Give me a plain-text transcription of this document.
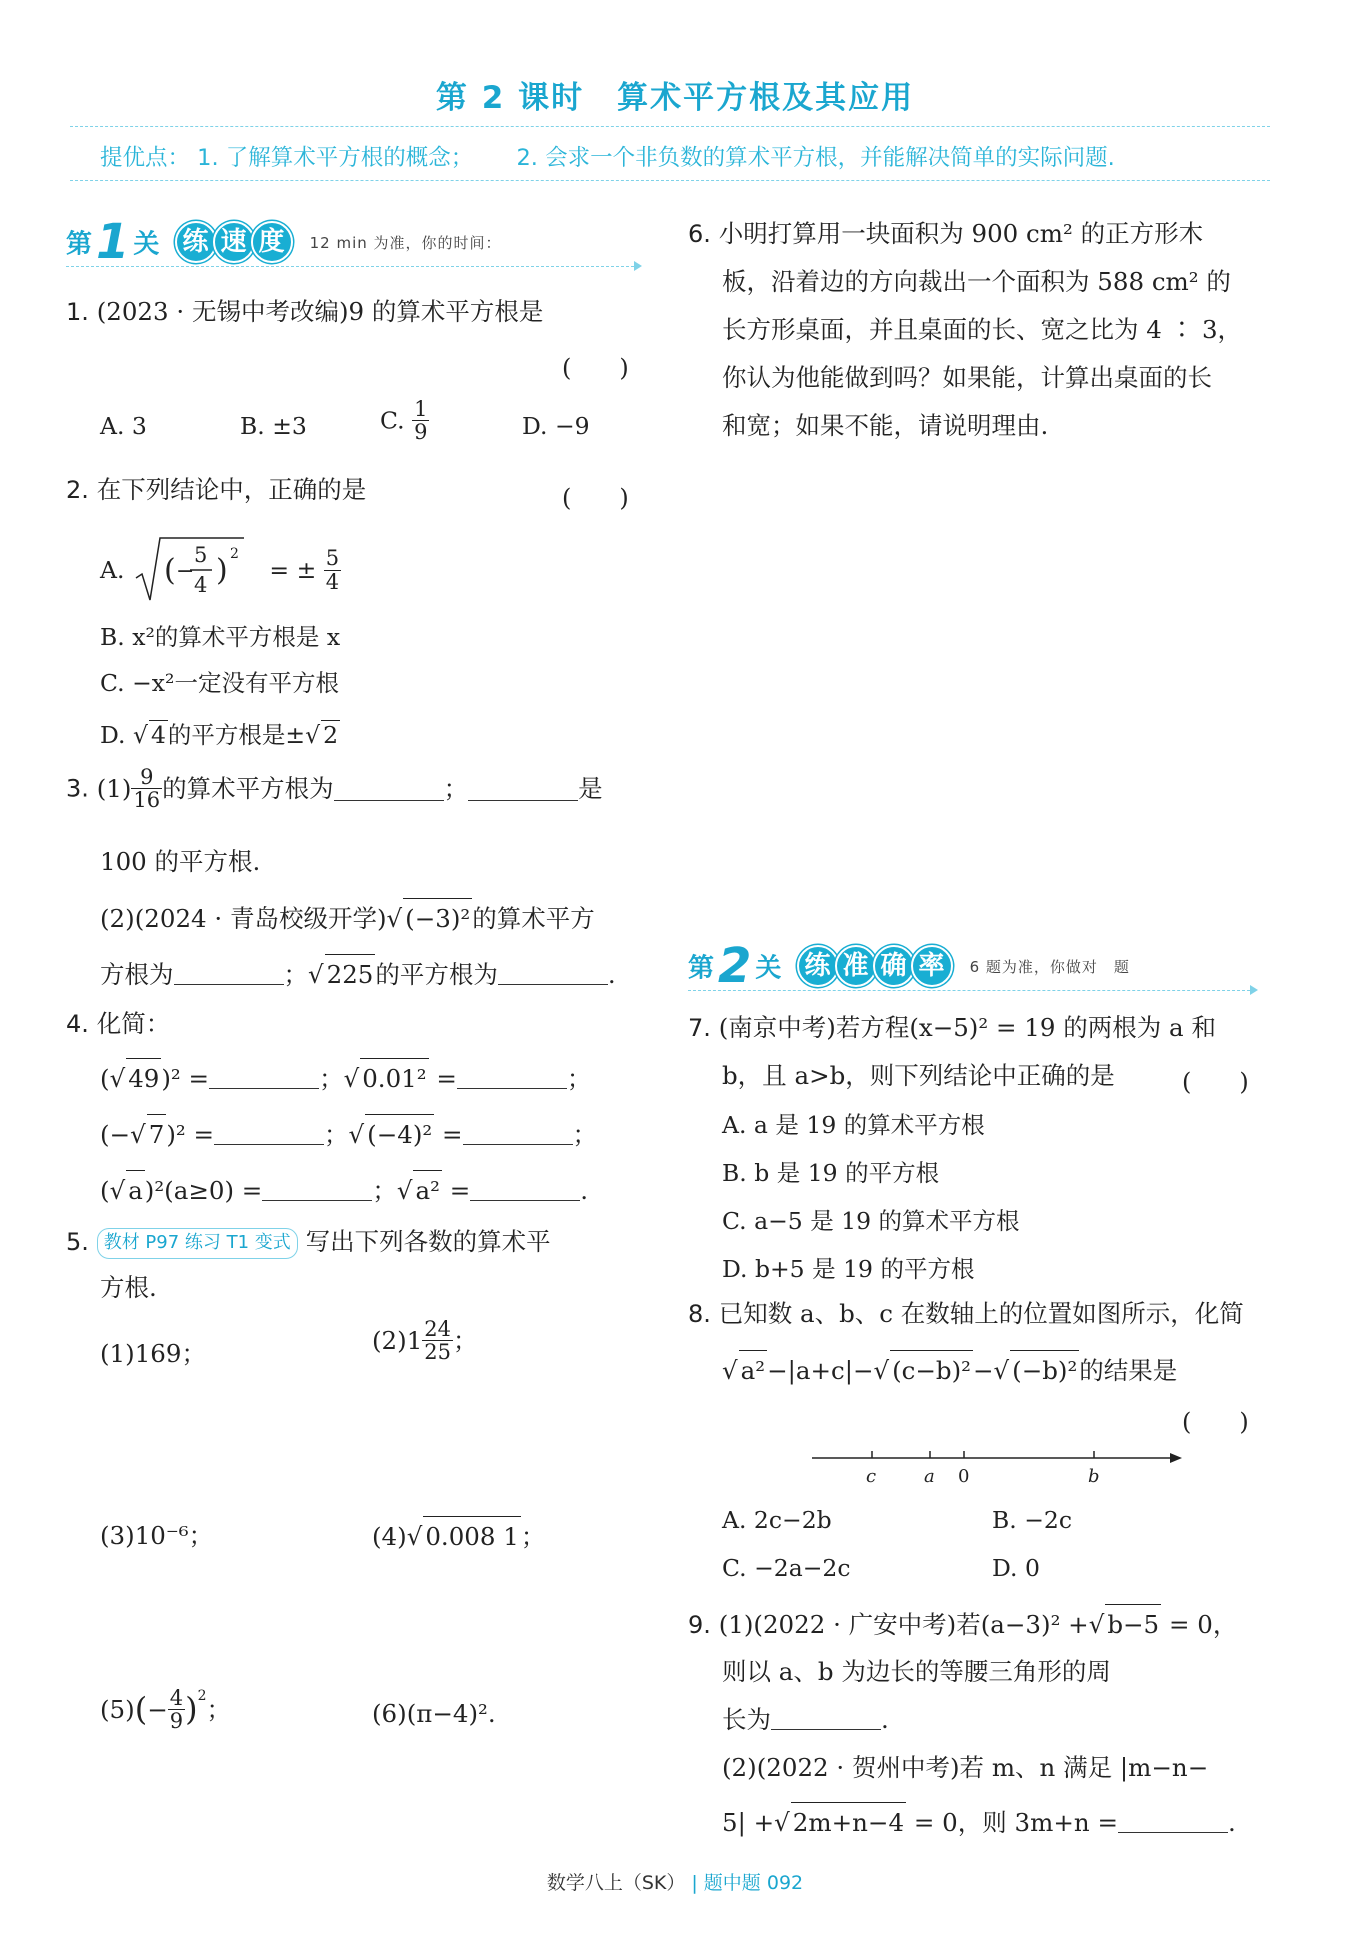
第 2 课时　算术平方根及其应用
提优点： 1. 了解算术平方根的概念； 2. 会求一个非负数的算术平方根，并能解决简单的实际问题.
第1 关 练 速 度 12 min 为准，你的时间：
1. (2023 · 无锡中考改编)9 的算术平方根是
(　　)
A. 3	B. ±3	C. $\frac{1}{9}$	D. −9
2. 在下列结论中，正确的是	(　　)
A. ( −
5
4 ) 2
= ± $\frac{5}{4}$
B. x²的算术平方根是 x
C. −x²一定没有平方根
D. √ 4的平方根是±√ 2
3. $(1) \frac{9}{16}$ 的算术平方根为	；	是
100 的平方根.
(2)(2024 · 青岛校级开学)√ (−3)²的算术平方
方根为	；√ 225的平方根为	.
4. 化简：
(√ 49)² =	；√ 0.01² =	；
(−√ 7)² =	；√ (−4)² =	；
(√ a)²(a≥0) =	；√ a² =	.
5. 教材 P97 练习 T1 变式 写出下列各数的算术平
方根.
(1)169；	$(2)1 \frac{24}{25}$ ；
(3)10⁻⁶；	(4)√ 0.008 1；
$(5)(- \frac{4}{9} )^2$；	(6)(π−4)².
6. 小明打算用一块面积为 900 cm² 的正方形木
板，沿着边的方向裁出一个面积为 588 cm² 的
长方形桌面，并且桌面的长、宽之比为 4 ∶ 3，
你认为他能做到吗？如果能，计算出桌面的长
和宽；如果不能，请说明理由.
第2 关 练 准 确 率 6 题为准，你做对　题
7. (南京中考)若方程(x−5)² = 19 的两根为 a 和
b，且 a>b，则下列结论中正确的是	(　　)
A. a 是 19 的算术平方根
B. b 是 19 的平方根
C. a−5 是 19 的算术平方根
D. b+5 是 19 的平方根
8. 已知数 a、b、c 在数轴上的位置如图所示，化简
√ a²−|a+c|−√ (c−b)²−√ (−b)²的结果是
(　　)
c	a 0	b
A. 2c−2b	B. −2c
C. −2a−2c	D. 0
9. (1)(2022 · 广安中考)若(a−3)² +√ b−5 = 0，
则以 a、b 为边长的等腰三角形的周
长为	.
(2)(2022 · 贺州中考)若 m、n 满足 |m−n−
5| +√ 2m+n−4 = 0，则 3m+n =	.
数学八上（SK） | 题中题 092
